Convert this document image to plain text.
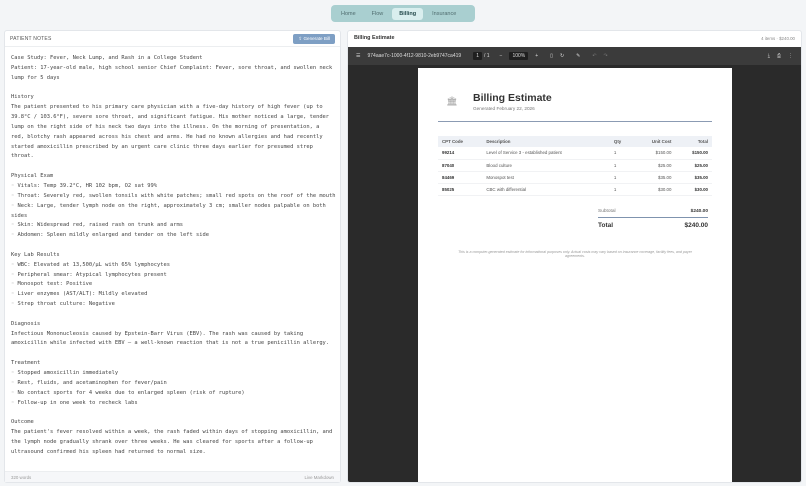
Home	Flow	Billing	Insurance
PATIENT NOTES	⇪ Generate Bill
Case Study: Fever, Neck Lump, and Rash in a College Student
Patient: 17-year-old male, high school senior Chief Complaint: Fever, sore throat, and swollen neck
lump for 5 days
History
The patient presented to his primary care physician with a five-day history of high fever (up to
39.8°C / 103.6°F), severe sore throat, and significant fatigue. His mother noticed a large, tender
lump on the right side of his neck two days into the illness. On the morning of presentation, a
red, blotchy rash appeared across his chest and arms. He had no known allergies and had recently
started amoxicillin prescribed by an urgent care clinic three days earlier for presumed strep
throat.
Physical Exam
◦ Vitals: Temp 39.2°C, HR 102 bpm, O2 sat 99%
◦ Throat: Severely red, swollen tonsils with white patches; small red spots on the roof of the mouth
◦ Neck: Large, tender lymph node on the right, approximately 3 cm; smaller nodes palpable on both
sides
◦ Skin: Widespread red, raised rash on trunk and arms
◦ Abdomen: Spleen mildly enlarged and tender on the left side
Key Lab Results
◦ WBC: Elevated at 13,500/µL with 65% lymphocytes
◦ Peripheral smear: Atypical lymphocytes present
◦ Monospot test: Positive
◦ Liver enzymes (AST/ALT): Mildly elevated
◦ Strep throat culture: Negative
Diagnosis
Infectious Mononucleosis caused by Epstein-Barr Virus (EBV). The rash was caused by taking
amoxicillin while infected with EBV — a well-known reaction that is not a true penicillin allergy.
Treatment
◦ Stopped amoxicillin immediately
◦ Rest, fluids, and acetaminophen for fever/pain
◦ No contact sports for 4 weeks due to enlarged spleen (risk of rupture)
◦ Follow-up in one week to recheck labs
Outcome
The patient's fever resolved within a week, the rash faded within days of stopping amoxicillin, and
the lymph node gradually shrank over three weeks. He was cleared for sports after a follow-up
ultrasound confirmed his spleen had returned to normal size.
320 words	Live Markdown
Billing Estimate	4 items · $240.00
☰ 974aae7c-1000-4f12-9810-2eb9747ca419	1	/ 1 −	100%	+ ▯ ↻ ✎ ↶ ↷	⤓ ⎙ ⋮
🏛	Billing Estimate
Generated February 22, 2026
CPT Code	Description	Qty	Unit Cost	Total
99214	Level of Service 3 - established patient	1	$150.00	$150.00
87040	Blood culture	1	$25.00	$25.00
84469	Monospot test	1	$35.00	$35.00
85025	CBC with differential	1	$30.00	$30.00
Subtotal	$240.00
Total	$240.00
This is a computer-generated estimate for informational purposes only. Actual costs may vary based on insurance coverage, facility fees, and payer agreements.
